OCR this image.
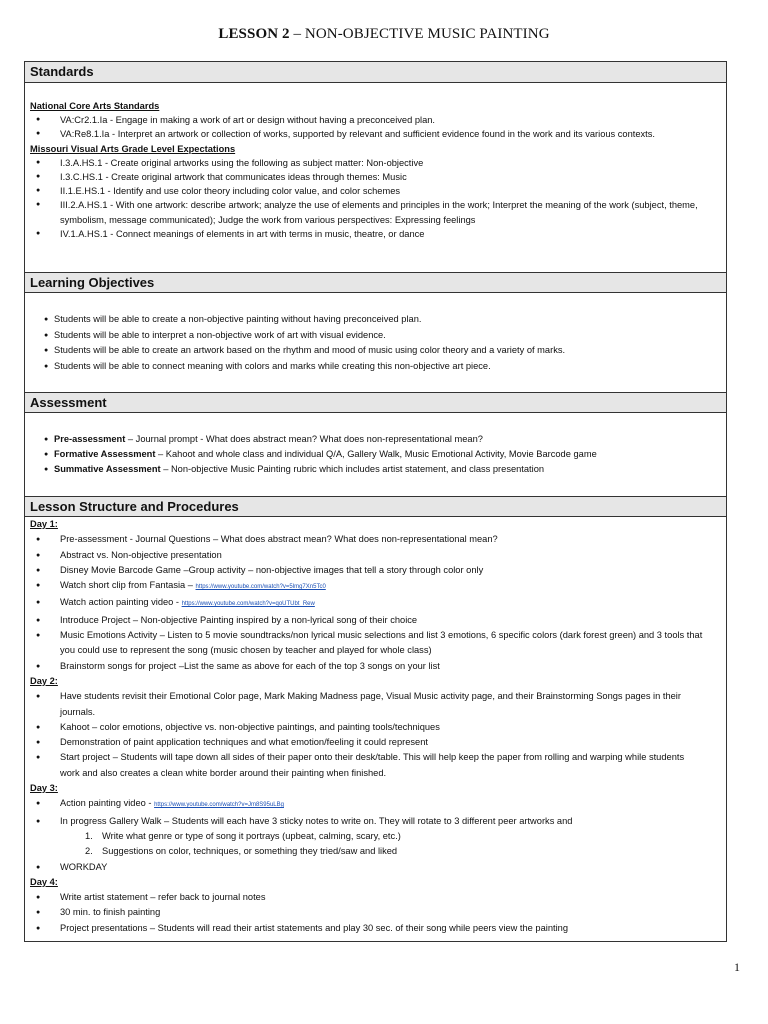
LESSON 2 – NON-OBJECTIVE MUSIC PAINTING
Standards
National Core Arts Standards
● VA:Cr2.1.Ia - Engage in making a work of art or design without having a preconceived plan.
● VA:Re8.1.Ia - Interpret an artwork or collection of works, supported by relevant and sufficient evidence found in the work and its various contexts.
Missouri Visual Arts Grade Level Expectations
● I.3.A.HS.1 - Create original artworks using the following as subject matter: Non-objective
● I.3.C.HS.1 - Create original artwork that communicates ideas through themes: Music
● II.1.E.HS.1 - Identify and use color theory including color value, and color schemes
● III.2.A.HS.1 - With one artwork: describe artwork; analyze the use of elements and principles in the work; Interpret the meaning of the work (subject, theme, symbolism, message communicated); Judge the work from various perspectives: Expressing feelings
● IV.1.A.HS.1 - Connect meanings of elements in art with terms in music, theatre, or dance
Learning Objectives
● Students will be able to create a non-objective painting without having preconceived plan.
● Students will be able to interpret a non-objective work of art with visual evidence.
● Students will be able to create an artwork based on the rhythm and mood of music using color theory and a variety of marks.
● Students will be able to connect meaning with colors and marks while creating this non-objective art piece.
Assessment
● Pre-assessment – Journal prompt - What does abstract mean? What does non-representational mean?
● Formative Assessment – Kahoot and whole class and individual Q/A, Gallery Walk, Music Emotional Activity, Movie Barcode game
● Summative Assessment – Non-objective Music Painting rubric which includes artist statement, and class presentation
Lesson Structure and Procedures
Day 1:
● Pre-assessment - Journal Questions – What does abstract mean? What does non-representational mean?
● Abstract vs. Non-objective presentation
● Disney Movie Barcode Game –Group activity – non-objective images that tell a story through color only
● Watch short clip from Fantasia – https://www.youtube.com/watch?v=5lmg7Xn5Tc0
● Watch action painting video - https://www.youtube.com/watch?v=qoUTUbt_Rew
● Introduce Project – Non-objective Painting inspired by a non-lyrical song of their choice
● Music Emotions Activity – Listen to 5 movie soundtracks/non lyrical music selections and list 3 emotions, 6 specific colors (dark forest green) and 3 tools that you could use to represent the song (music chosen by teacher and played for whole class)
● Brainstorm songs for project –List the same as above for each of the top 3 songs on your list
Day 2:
● Have students revisit their Emotional Color page, Mark Making Madness page, Visual Music activity page, and their Brainstorming Songs pages in their journals.
● Kahoot – color emotions, objective vs. non-objective paintings, and painting tools/techniques
● Demonstration of paint application techniques and what emotion/feeling it could represent
● Start project – Students will tape down all sides of their paper onto their desk/table. This will help keep the paper from rolling and warping while students work and also creates a clean white border around their painting when finished.
Day 3:
● Action painting video - https://www.youtube.com/watch?v=Jm8S95uLBg
● In progress Gallery Walk – Students will each have 3 sticky notes to write on. They will rotate to 3 different peer artworks and
1. Write what genre or type of song it portrays (upbeat, calming, scary, etc.)
2. Suggestions on color, techniques, or something they tried/saw and liked
● WORKDAY
Day 4:
● Write artist statement – refer back to journal notes
● 30 min. to finish painting
● Project presentations – Students will read their artist statements and play 30 sec. of their song while peers view the painting
1
